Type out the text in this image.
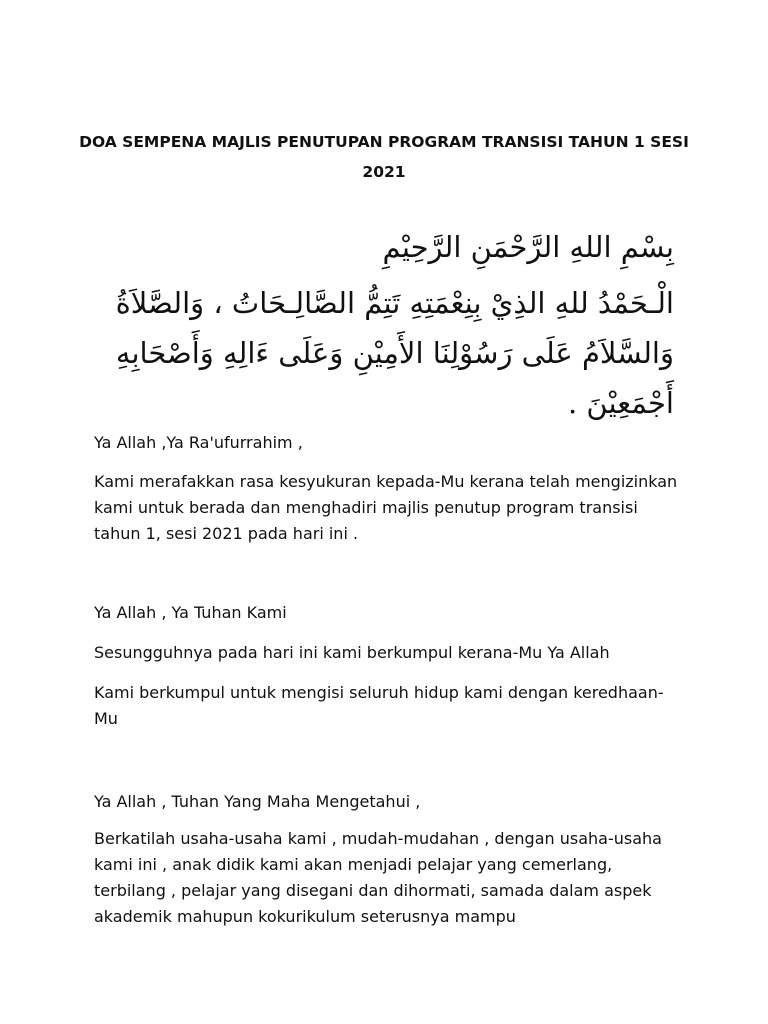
DOA SEMPENA MAJLIS PENUTUPAN PROGRAM TRANSISI TAHUN 1 SESI 2021
بِسْمِ اللهِ الرَّحْمَنِ الرَّحِيْمِ
الْـحَمْدُ للهِ الذِيْ بِنِعْمَتِهِ تَتِمُّ الصَّالِـحَاتُ ، وَالصَّلاَةُ وَالسَّلاَمُ عَلَى رَسُوْلِنَا الأَمِيْنِ وَعَلَى ءَالِهِ وَأَصْحَابِهِ أَجْمَعِيْنَ .
Ya Allah ,Ya Ra'ufurrahim ,
Kami merafakkan rasa kesyukuran kepada-Mu kerana telah mengizinkan kami untuk berada dan menghadiri majlis penutup program transisi tahun 1, sesi 2021 pada hari ini .
Ya Allah , Ya Tuhan Kami
Sesungguhnya pada hari ini kami berkumpul kerana-Mu Ya Allah
Kami berkumpul untuk mengisi seluruh hidup kami dengan keredhaan-Mu
Ya Allah , Tuhan Yang Maha Mengetahui ,
Berkatilah usaha-usaha kami , mudah-mudahan , dengan usaha-usaha kami ini , anak didik kami akan menjadi pelajar yang cemerlang, terbilang , pelajar yang disegani dan dihormati, samada dalam aspek akademik mahupun kokurikulum seterusnya mampu
